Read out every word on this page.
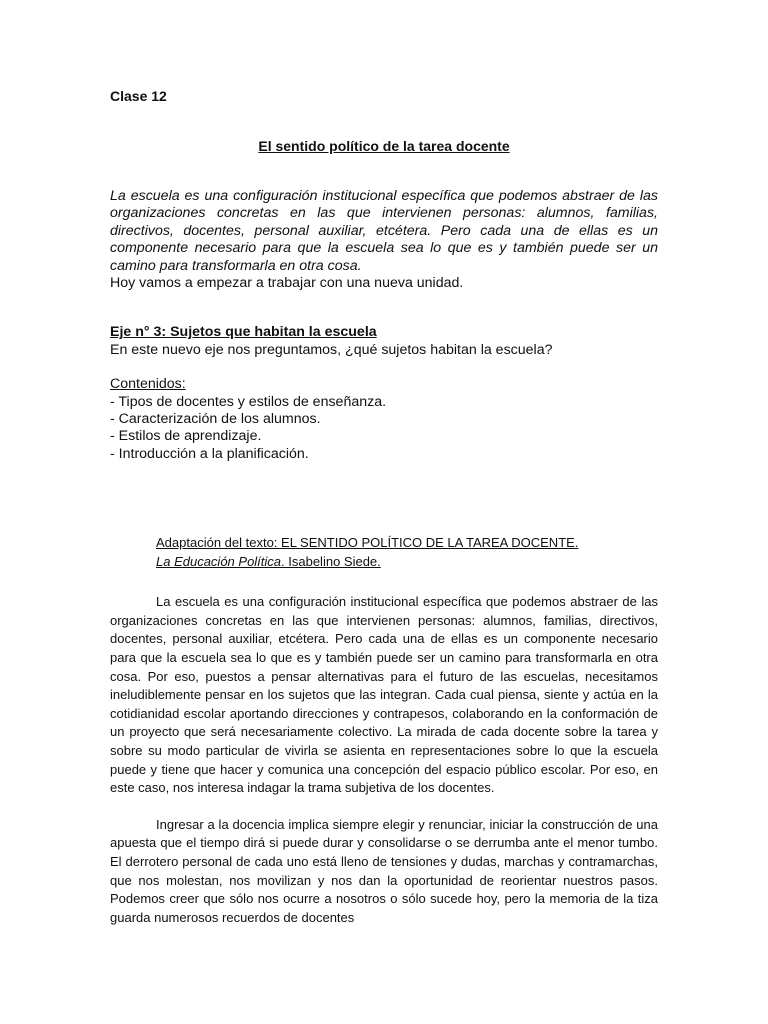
Clase 12

El sentido político de la tarea docente

La escuela es una configuración institucional específica que podemos abstraer de las organizaciones concretas en las que intervienen personas: alumnos, familias, directivos, docentes, personal auxiliar, etcétera. Pero cada una de ellas es un componente necesario para que la escuela sea lo que es y también puede ser un camino para transformarla en otra cosa.
Hoy vamos a empezar a trabajar con una nueva unidad.

Eje n° 3: Sujetos que habitan la escuela

En este nuevo eje nos preguntamos, ¿qué sujetos habitan la escuela?

Contenidos:

- Tipos de docentes y estilos de enseñanza.
- Caracterización de los alumnos.
- Estilos de aprendizaje.
- Introducción a la planificación.
Adaptación del texto: EL SENTIDO POLÍTICO DE LA TAREA DOCENTE.
La Educación Política. Isabelino Siede.

La escuela es una configuración institucional específica que podemos abstraer de las organizaciones concretas en las que intervienen personas: alumnos, familias, directivos, docentes, personal auxiliar, etcétera. Pero cada una de ellas es un componente necesario para que la escuela sea lo que es y también puede ser un camino para transformarla en otra cosa. Por eso, puestos a pensar alternativas para el futuro de las escuelas, necesitamos ineludiblemente pensar en los sujetos que las integran. Cada cual piensa, siente y actúa en la cotidianidad escolar aportando direcciones y contrapesos, colaborando en la conformación de un proyecto que será necesariamente colectivo. La mirada de cada docente sobre la tarea y sobre su modo particular de vivirla se asienta en representaciones sobre lo que la escuela puede y tiene que hacer y comunica una concepción del espacio público escolar. Por eso, en este caso, nos interesa indagar la trama subjetiva de los docentes.

Ingresar a la docencia implica siempre elegir y renunciar, iniciar la construcción de una apuesta que el tiempo dirá si puede durar y consolidarse o se derrumba ante el menor tumbo. El derrotero personal de cada uno está lleno de tensiones y dudas, marchas y contramarchas, que nos molestan, nos movilizan y nos dan la oportunidad de reorientar nuestros pasos. Podemos creer que sólo nos ocurre a nosotros o sólo sucede hoy, pero la memoria de la tiza guarda numerosos recuerdos de docentes
